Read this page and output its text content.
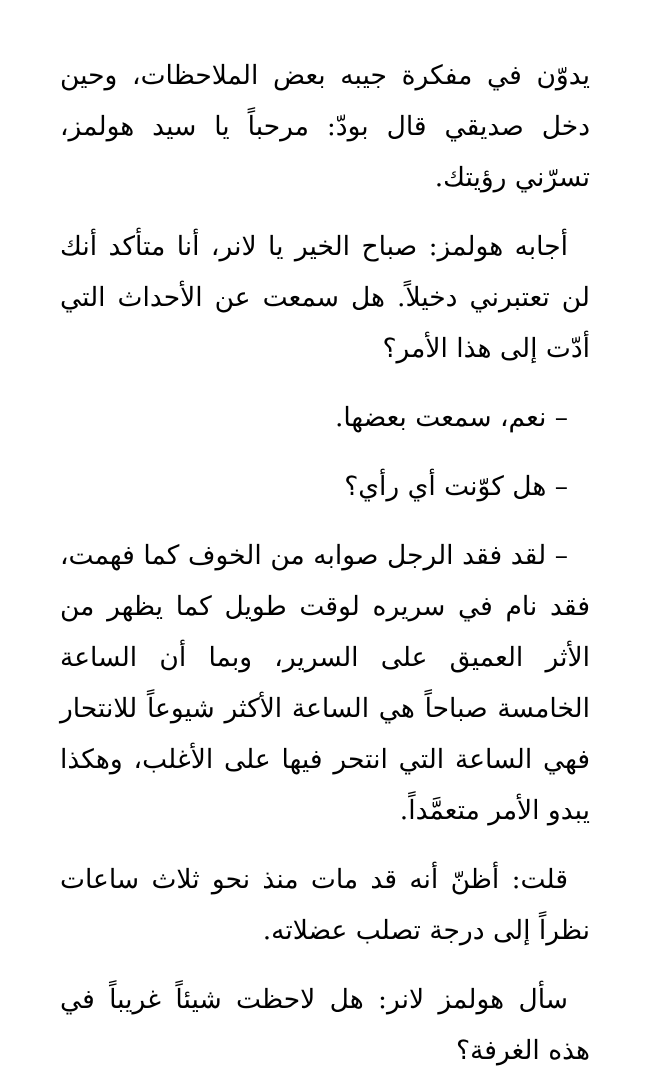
يدوّن في مفكرة جيبه بعض الملاحظات، وحين دخل صديقي قال بودّ: مرحباً يا سيد هولمز، تسرّني رؤيتك.

أجابه هولمز: صباح الخير يا لانر، أنا متأكد أنك لن تعتبرني دخيلاً. هل سمعت عن الأحداث التي أدّت إلى هذا الأمر؟

– نعم، سمعت بعضها.

– هل كوّنت أي رأي؟

– لقد فقد الرجل صوابه من الخوف كما فهمت، فقد نام في سريره لوقت طويل كما يظهر من الأثر العميق على السرير، وبما أن الساعة الخامسة صباحاً هي الساعة الأكثر شيوعاً للانتحار فهي الساعة التي انتحر فيها على الأغلب، وهكذا يبدو الأمر متعمَّداً.

قلت: أظنّ أنه قد مات منذ نحو ثلاث ساعات نظراً إلى درجة تصلب عضلاته.

سأل هولمز لانر: هل لاحظت شيئاً غريباً في هذه الغرفة؟
